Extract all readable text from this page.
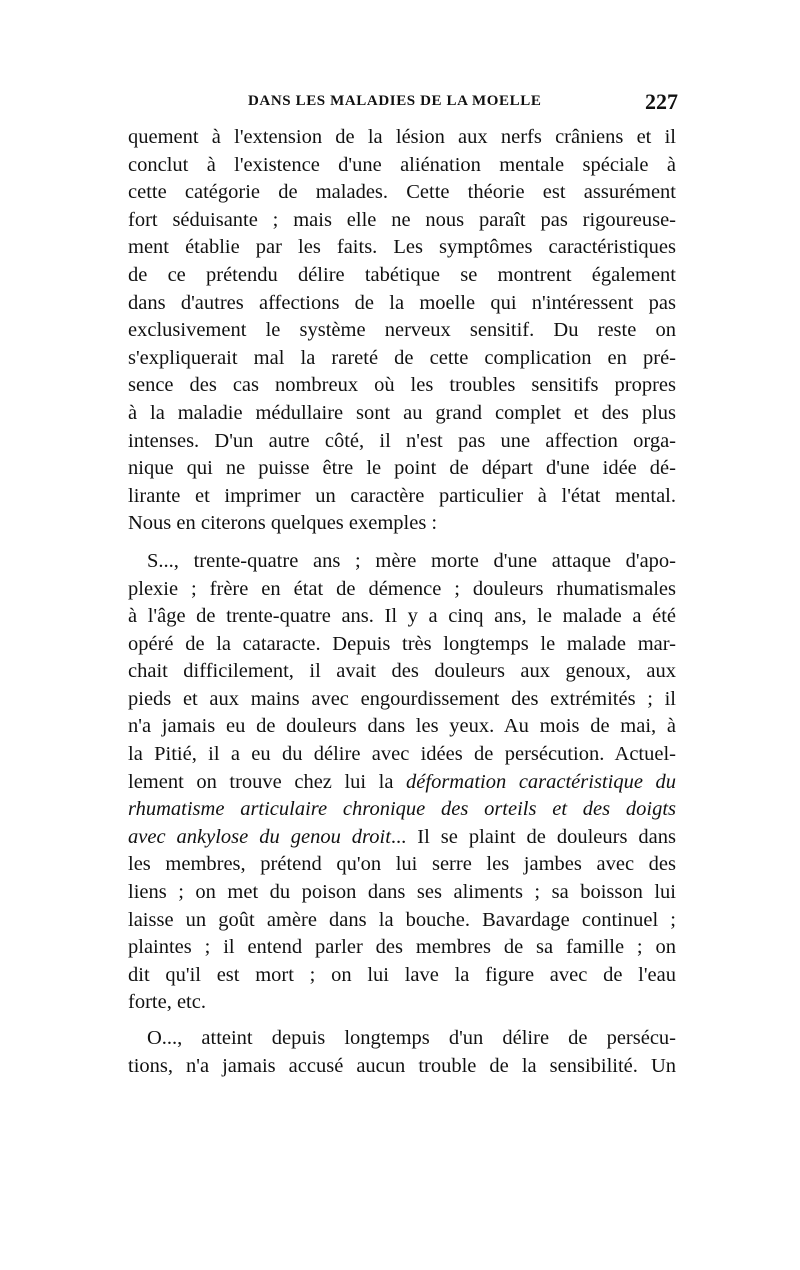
DANS LES MALADIES DE LA MOELLE	227
quement à l'extension de la lésion aux nerfs crâniens et il
conclut à l'existence d'une aliénation mentale spéciale à
cette catégorie de malades. Cette théorie est assurément
fort séduisante ; mais elle ne nous paraît pas rigoureuse-
ment établie par les faits. Les symptômes caractéristiques
de ce prétendu délire tabétique se montrent également
dans d'autres affections de la moelle qui n'intéressent pas
exclusivement le système nerveux sensitif. Du reste on
s'expliquerait mal la rareté de cette complication en pré-
sence des cas nombreux où les troubles sensitifs propres
à la maladie médullaire sont au grand complet et des plus
intenses. D'un autre côté, il n'est pas une affection orga-
nique qui ne puisse être le point de départ d'une idée dé-
lirante et imprimer un caractère particulier à l'état mental.
Nous en citerons quelques exemples :
S..., trente-quatre ans ; mère morte d'une attaque d'apo-
plexie ; frère en état de démence ; douleurs rhumatismales
à l'âge de trente-quatre ans. Il y a cinq ans, le malade a été
opéré de la cataracte. Depuis très longtemps le malade mar-
chait difficilement, il avait des douleurs aux genoux, aux
pieds et aux mains avec engourdissement des extrémités ; il
n'a jamais eu de douleurs dans les yeux. Au mois de mai, à
la Pitié, il a eu du délire avec idées de persécution. Actuel-
lement on trouve chez lui la déformation caractéristique du
rhumatisme articulaire chronique des orteils et des doigts
avec ankylose du genou droit... Il se plaint de douleurs dans
les membres, prétend qu'on lui serre les jambes avec des
liens ; on met du poison dans ses aliments ; sa boisson lui
laisse un goût amère dans la bouche. Bavardage continuel ;
plaintes ; il entend parler des membres de sa famille ; on
dit qu'il est mort ; on lui lave la figure avec de l'eau
forte, etc.
O..., atteint depuis longtemps d'un délire de persécu-
tions, n'a jamais accusé aucun trouble de la sensibilité. Un
